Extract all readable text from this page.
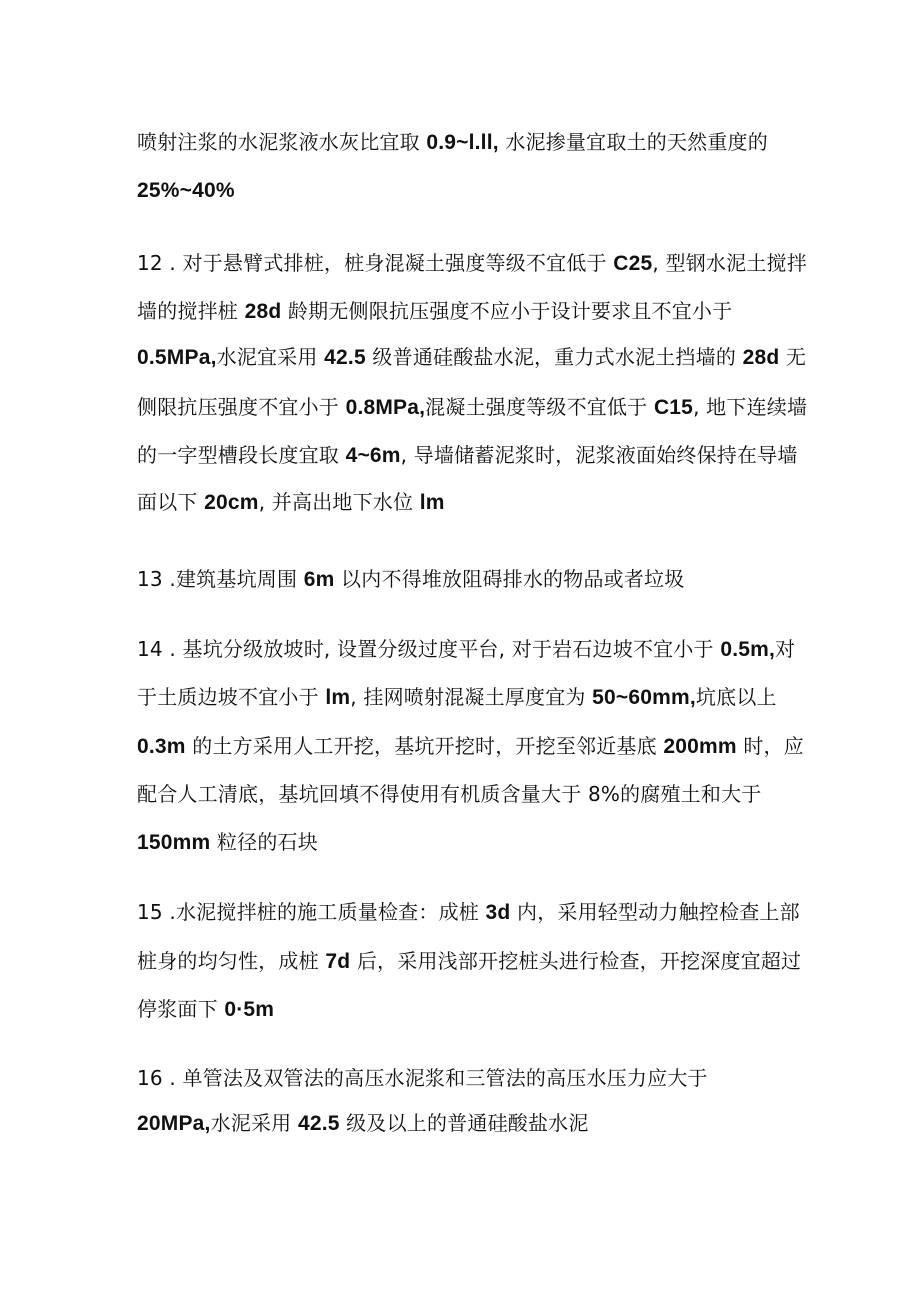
喷射注浆的水泥浆液水灰比宜取 0.9~l.ll, 水泥掺量宜取土的天然重度的
25%~40%
12 . 对于悬臂式排桩，桩身混凝土强度等级不宜低于 C25, 型钢水泥土搅拌
墙的搅拌桩 28d 龄期无侧限抗压强度不应小于设计要求且不宜小于
0.5MPa,水泥宜采用 42.5 级普通硅酸盐水泥，重力式水泥土挡墙的 28d 无
侧限抗压强度不宜小于 0.8MPa,混凝土强度等级不宜低于 C15, 地下连续墙
的一字型槽段长度宜取 4~6m, 导墙储蓄泥浆时，泥浆液面始终保持在导墙
面以下 20cm, 并高出地下水位 lm
13 .建筑基坑周围 6m 以内不得堆放阻碍排水的物品或者垃圾
14 . 基坑分级放坡时, 设置分级过度平台, 对于岩石边坡不宜小于 0.5m,对
于土质边坡不宜小于 lm, 挂网喷射混凝土厚度宜为 50~60mm,坑底以上
0.3m 的土方采用人工开挖，基坑开挖时，开挖至邻近基底 200mm 时，应
配合人工清底，基坑回填不得使用有机质含量大于 8%的腐殖土和大于
150mm 粒径的石块
15 .水泥搅拌桩的施工质量检查：成桩 3d 内，采用轻型动力触控检查上部
桩身的均匀性，成桩 7d 后，采用浅部开挖桩头进行检查，开挖深度宜超过
停浆面下 0·5m
16 . 单管法及双管法的高压水泥浆和三管法的高压水压力应大于
20MPa,水泥采用 42.5 级及以上的普通硅酸盐水泥
